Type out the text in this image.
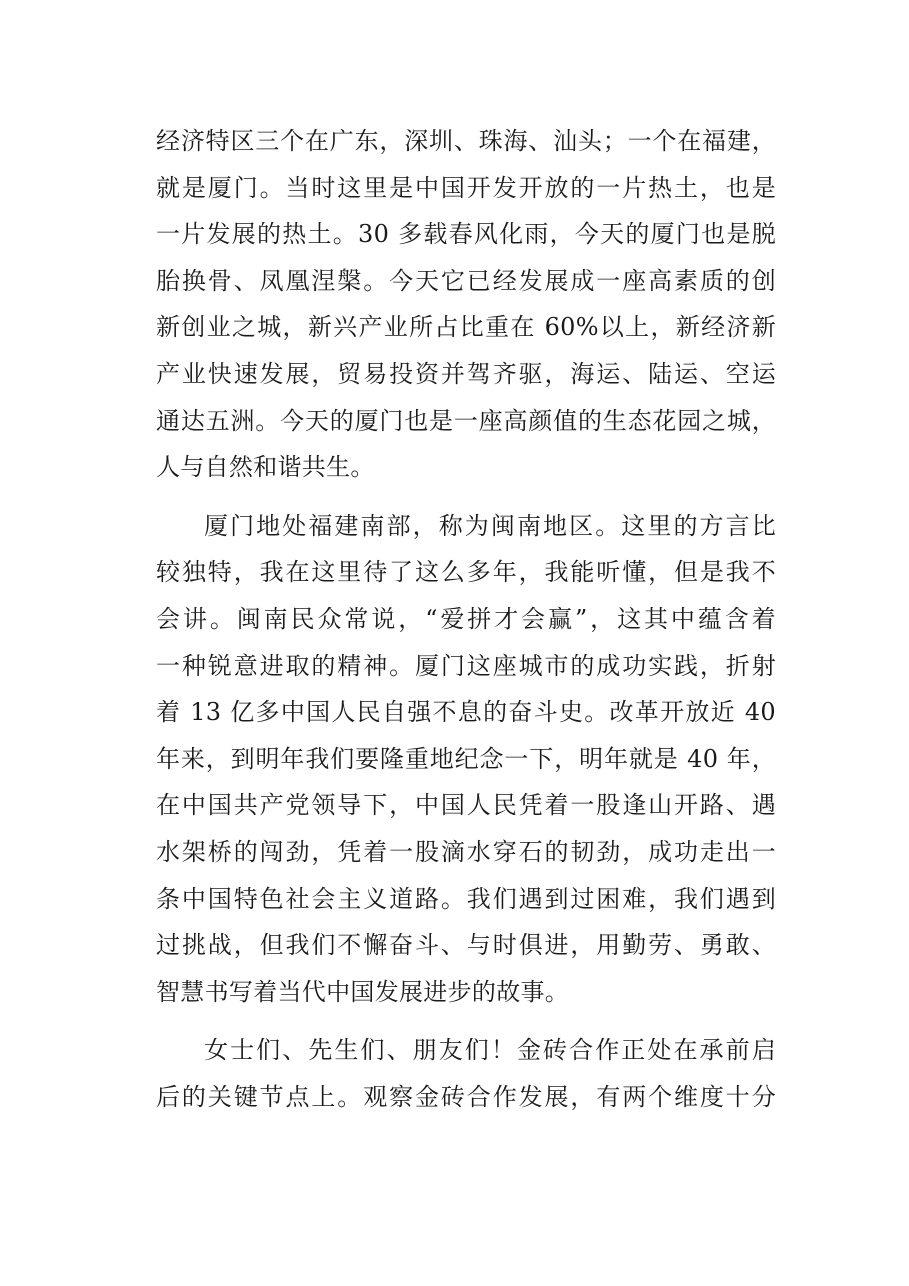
经济特区三个在广东，深圳、珠海、汕头；一个在福建，
就是厦门。当时这里是中国开发开放的一片热土，也是
一片发展的热土。30 多载春风化雨，今天的厦门也是脱
胎换骨、凤凰涅槃。今天它已经发展成一座高素质的创
新创业之城，新兴产业所占比重在 60%以上，新经济新
产业快速发展，贸易投资并驾齐驱，海运、陆运、空运
通达五洲。今天的厦门也是一座高颜值的生态花园之城，
人与自然和谐共生。
厦门地处福建南部，称为闽南地区。这里的方言比
较独特，我在这里待了这么多年，我能听懂，但是我不
会讲。闽南民众常说，“爱拼才会赢”，这其中蕴含着
一种锐意进取的精神。厦门这座城市的成功实践，折射
着 13 亿多中国人民自强不息的奋斗史。改革开放近 40
年来，到明年我们要隆重地纪念一下，明年就是 40 年，
在中国共产党领导下，中国人民凭着一股逢山开路、遇
水架桥的闯劲，凭着一股滴水穿石的韧劲，成功走出一
条中国特色社会主义道路。我们遇到过困难，我们遇到
过挑战，但我们不懈奋斗、与时俱进，用勤劳、勇敢、
智慧书写着当代中国发展进步的故事。
女士们、先生们、朋友们！金砖合作正处在承前启
后的关键节点上。观察金砖合作发展，有两个维度十分
